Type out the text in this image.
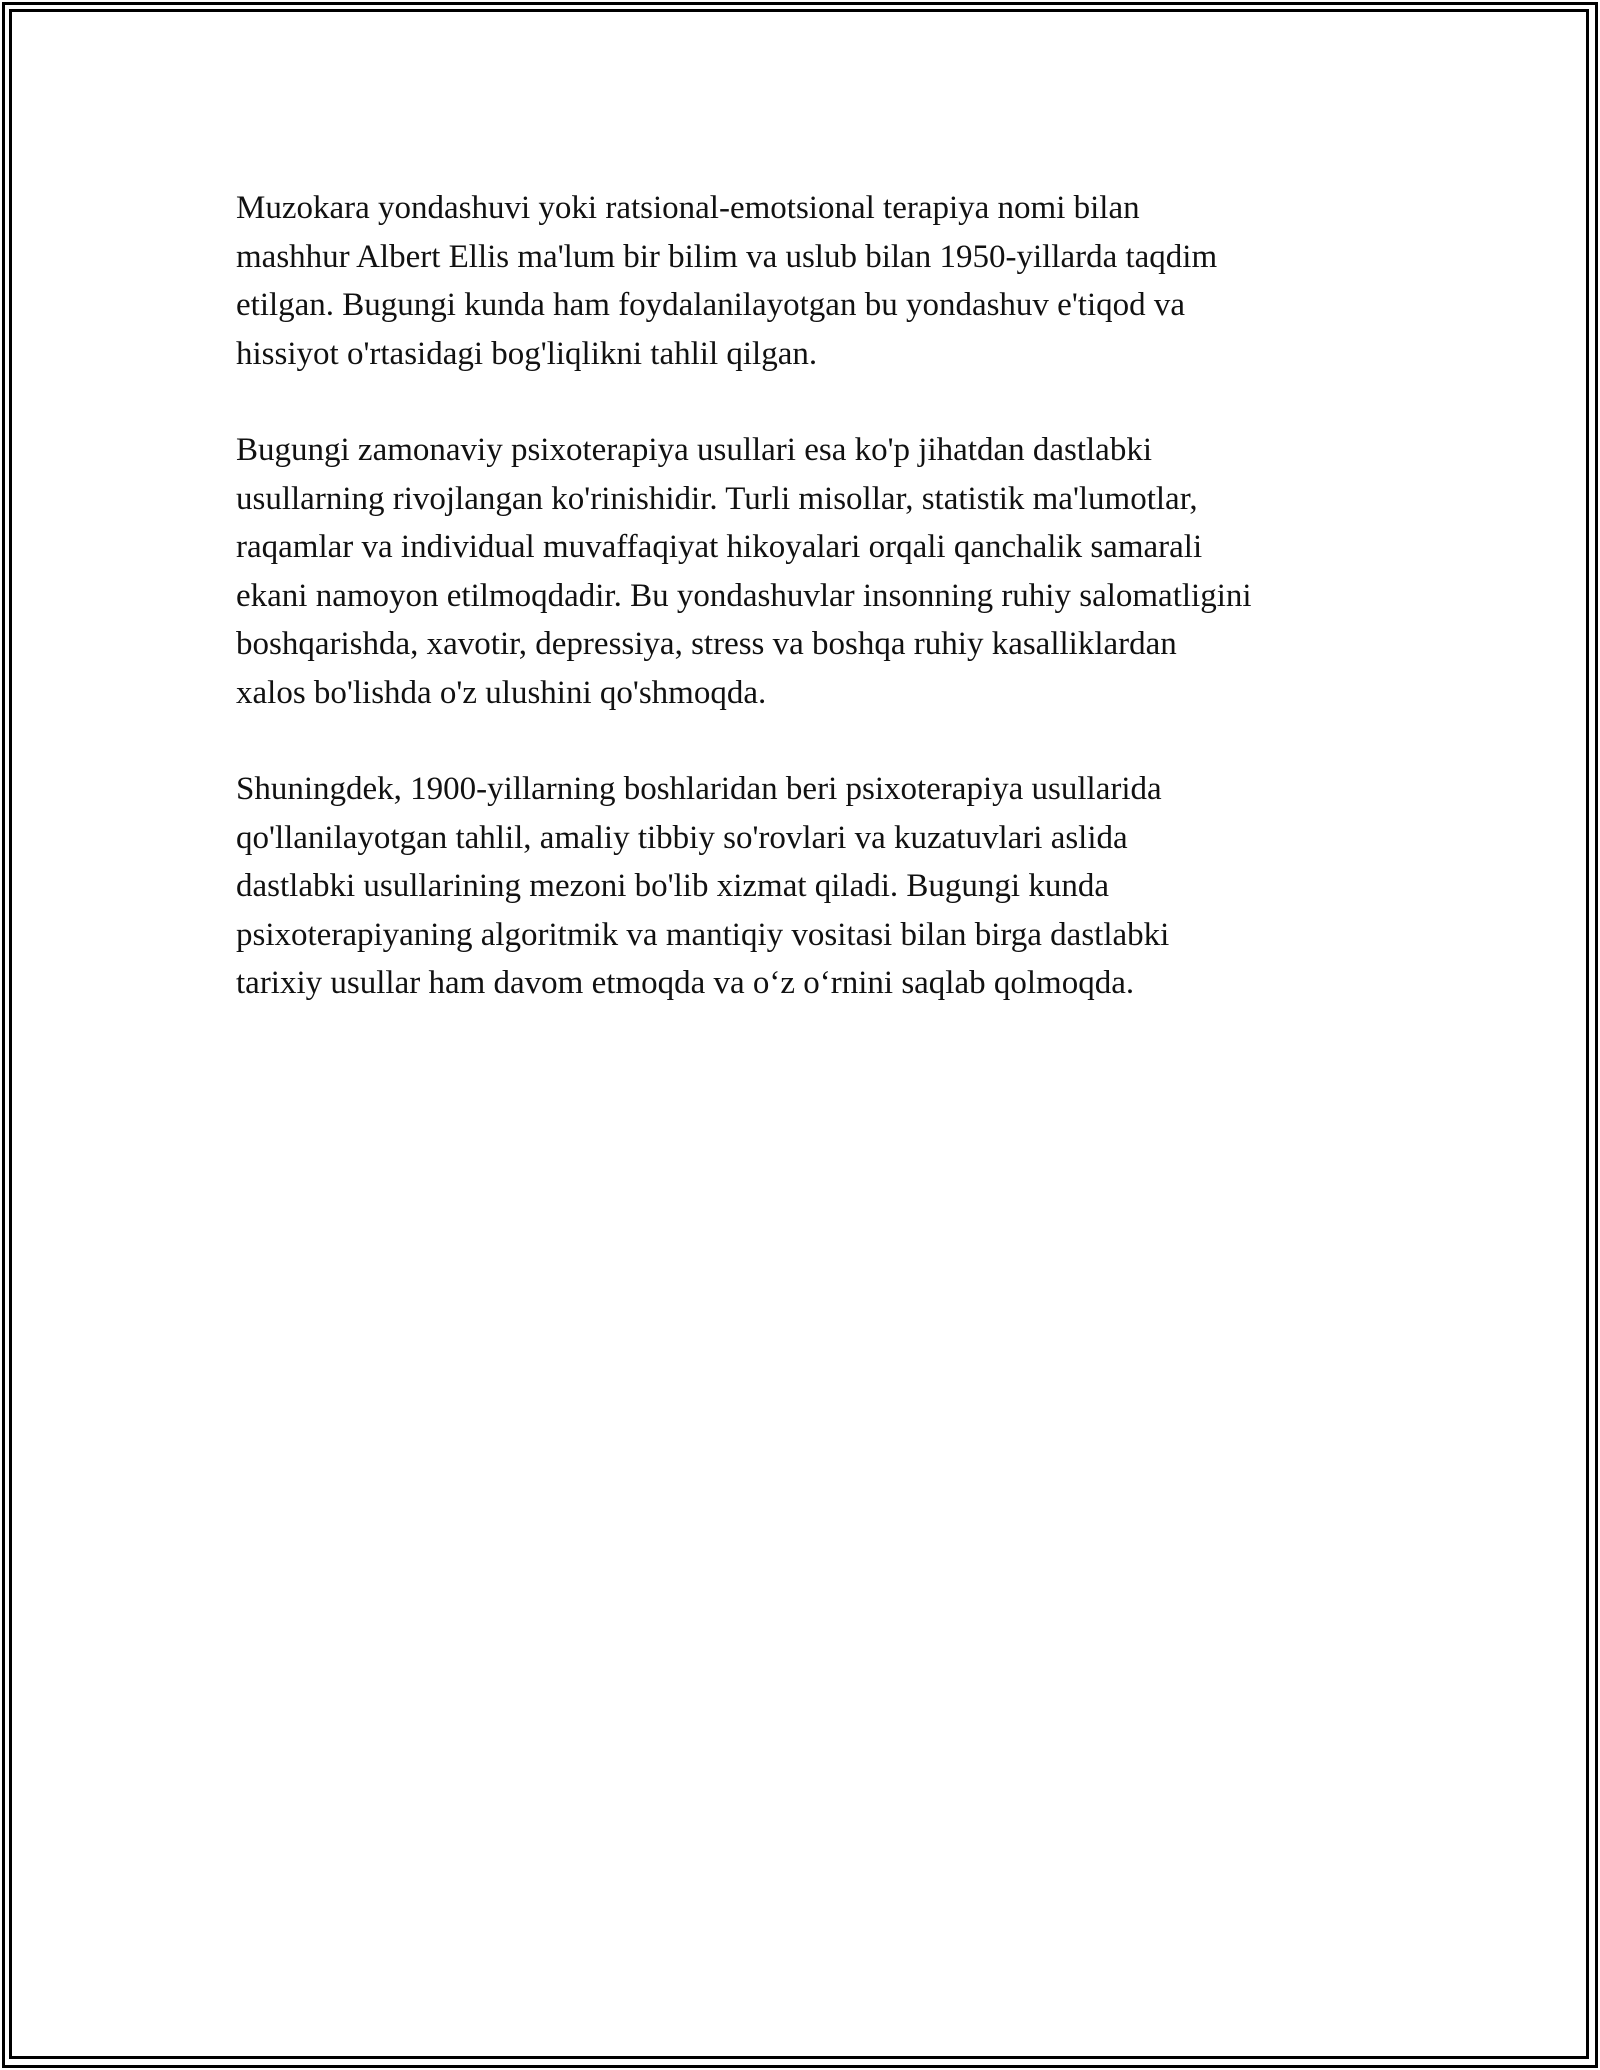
Muzokara yondashuvi yoki ratsional-emotsional terapiya nomi bilan
mashhur Albert Ellis ma'lum bir bilim va uslub bilan 1950-yillarda taqdim
etilgan. Bugungi kunda ham foydalanilayotgan bu yondashuv e'tiqod va
hissiyot o'rtasidagi bog'liqlikni tahlil qilgan.

Bugungi zamonaviy psixoterapiya usullari esa ko'p jihatdan dastlabki
usullarning rivojlangan ko'rinishidir. Turli misollar, statistik ma'lumotlar,
raqamlar va individual muvaffaqiyat hikoyalari orqali qanchalik samarali
ekani namoyon etilmoqdadir. Bu yondashuvlar insonning ruhiy salomatligini
boshqarishda, xavotir, depressiya, stress va boshqa ruhiy kasalliklardan
xalos bo'lishda o'z ulushini qo'shmoqda.

Shuningdek, 1900-yillarning boshlaridan beri psixoterapiya usullarida
qo'llanilayotgan tahlil, amaliy tibbiy so'rovlari va kuzatuvlari aslida
dastlabki usullarining mezoni bo'lib xizmat qiladi. Bugungi kunda
psixoterapiyaning algoritmik va mantiqiy vositasi bilan birga dastlabki
tarixiy usullar ham davom etmoqda va o‘z o‘rnini saqlab qolmoqda.
